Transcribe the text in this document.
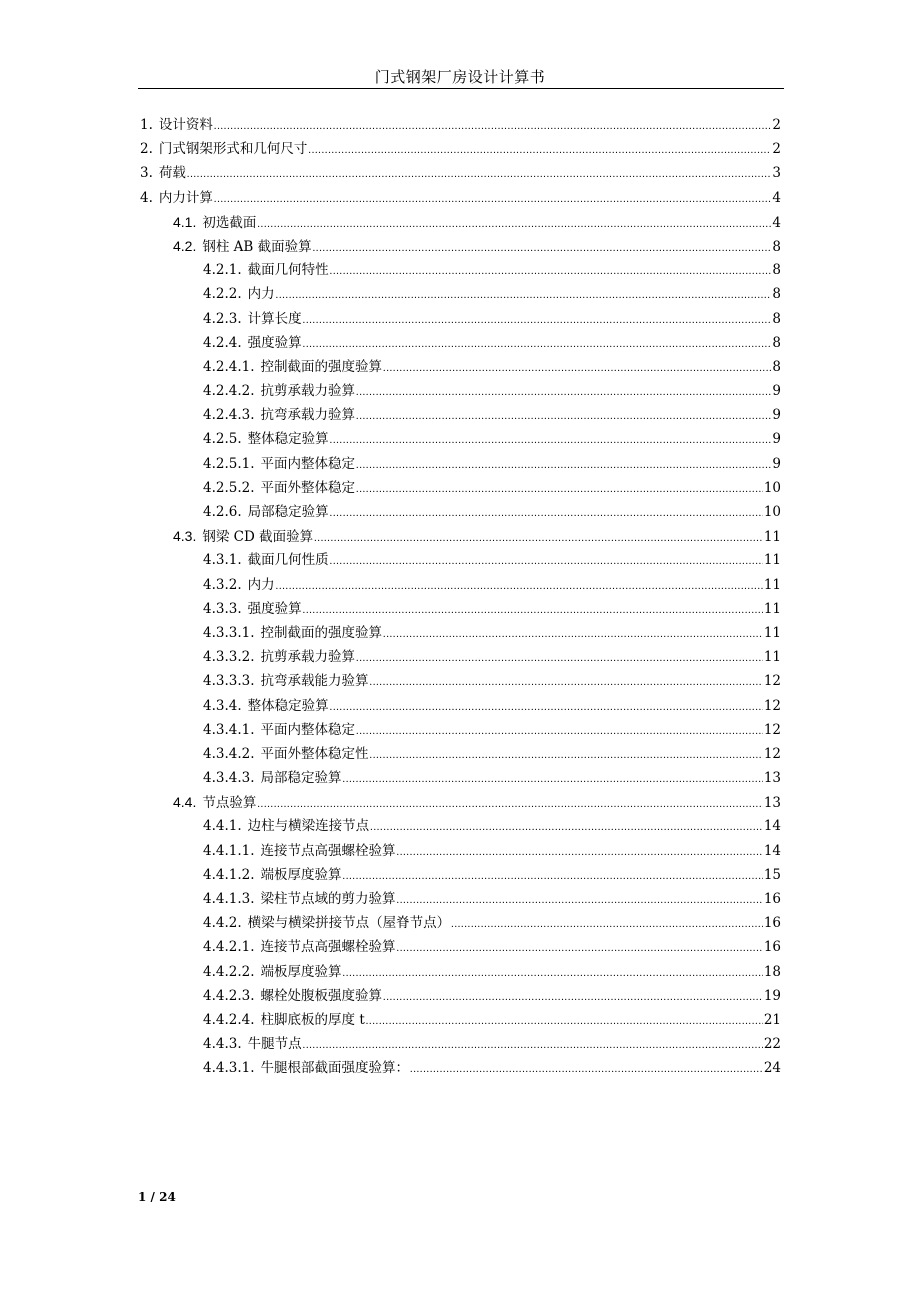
门式钢架厂房设计计算书
1. 设计资料 .....	2
2. 门式钢架形式和几何尺寸 .....	2
3. 荷载 .....	3
4. 内力计算 .....	4
4.1. 初选截面 .....	4
4.2. 钢柱 AB 截面验算 .....	8
4.2.1. 截面几何特性 .....	8
4.2.2. 内力 .....	8
4.2.3. 计算长度 .....	8
4.2.4. 强度验算 .....	8
4.2.4.1. 控制截面的强度验算 .....	8
4.2.4.2. 抗剪承载力验算 .....	9
4.2.4.3. 抗弯承载力验算 .....	9
4.2.5. 整体稳定验算 .....	9
4.2.5.1. 平面内整体稳定 .....	9
4.2.5.2. 平面外整体稳定 .....	10
4.2.6. 局部稳定验算 .....	10
4.3. 钢梁 CD 截面验算 .....	11
4.3.1. 截面几何性质 .....	11
4.3.2. 内力 .....	11
4.3.3. 强度验算 .....	11
4.3.3.1. 控制截面的强度验算 .....	11
4.3.3.2. 抗剪承载力验算 .....	11
4.3.3.3. 抗弯承载能力验算 .....	12
4.3.4. 整体稳定验算 .....	12
4.3.4.1. 平面内整体稳定 .....	12
4.3.4.2. 平面外整体稳定性 .....	12
4.3.4.3. 局部稳定验算 .....	13
4.4. 节点验算 .....	13
4.4.1. 边柱与横梁连接节点 .....	14
4.4.1.1. 连接节点高强螺栓验算 .....	14
4.4.1.2. 端板厚度验算 .....	15
4.4.1.3. 梁柱节点域的剪力验算 .....	16
4.4.2. 横梁与横梁拼接节点（屋脊节点） .....	16
4.4.2.1. 连接节点高强螺栓验算 .....	16
4.4.2.2. 端板厚度验算 .....	18
4.4.2.3. 螺栓处腹板强度验算 .....	19
4.4.2.4. 柱脚底板的厚度 t .....	21
4.4.3. 牛腿节点 .....	22
4.4.3.1. 牛腿根部截面强度验算： .....	24
1 / 24
